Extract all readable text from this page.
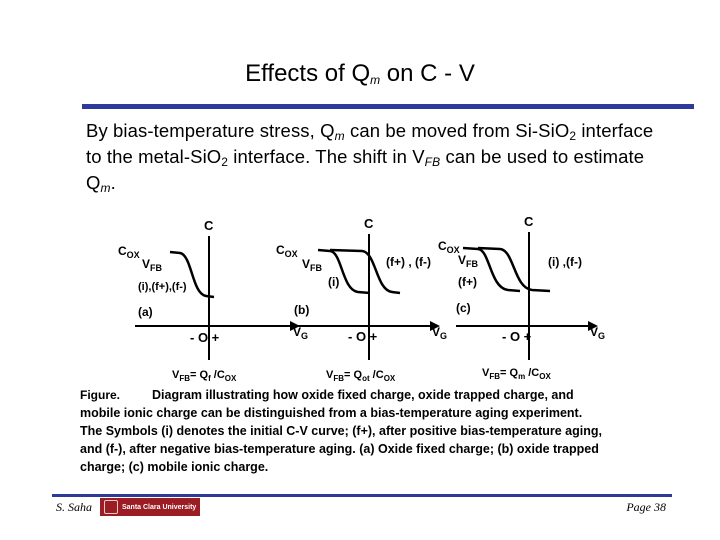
Effects of $Q_m$ on C - V
By bias-temperature stress, $Q_m$ can be moved from Si-SiO$_2$ interface to the metal-SiO$_2$ interface. The shift in $V_{FB}$ can be used to estimate $Q_m$.
C
$C_{OX}$
$V_{FB}$
(i),(f+),(f-)
(a)
- O +	$V_G$
$V_{FB}= Q_f$ $/C_{OX}$
C
$C_{OX}$
$V_{FB}$	(f+) , (f-)
(i)
(b)
- O +	$V_G$
$V_{FB}= Q_{ot}$ $/C_{OX}$
C
$C_{OX}$
$V_{FB}$	(i) ,(f-)
(f+)
(c)
- O +	$V_G$
$V_{FB}= Q_m$ $/C_{OX}$
Figure.	Diagram illustrating how oxide fixed charge, oxide trapped charge, and
mobile ionic charge can be distinguished from a bias-temperature aging experiment.
The Symbols (i) denotes the initial C-V curve; (f+), after positive bias-temperature aging,
and (f-), after negative bias-temperature aging. (a) Oxide fixed charge; (b) oxide trapped
charge; (c) mobile ionic charge.
S. Saha	Santa Clara University	Page 38
